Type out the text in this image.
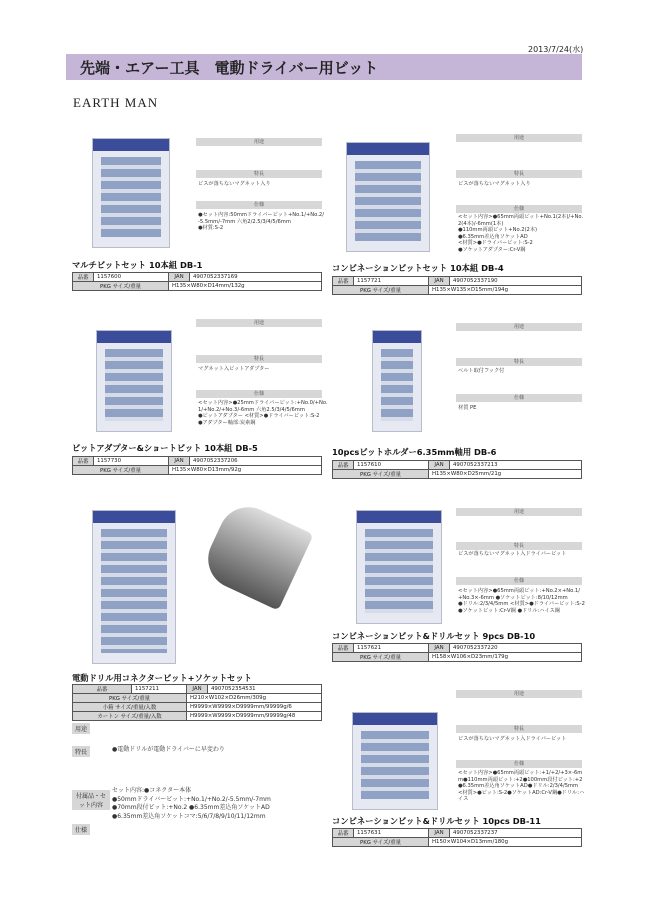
2013/7/24(水)
先端・エアー工具　電動ドライバー用ビット
EARTH MAN
用途
特長
ビスが落ちないマグネット入り
仕様
●セット内容:50mmドライバービット+No.1/+No.2/
-5.5mm/-7mm 六角2/2.5/3/4/5/6mm
●材質:S-2
マルチビットセット 10本組 DB-1
品番	1157600	JAN	4907052337169
PKG サイズ/重量		H135×W80×D14mm/132g	
用途
特長
ビスが落ちないマグネット入り
仕様
<セット内容>●65mm両頭ビット+No.1(2本)/+No.
2(4本)/-6mm(1本)
●110mm両頭ビット+No.2(2本)
●6.35mm差込角ソケットAD
<材質>●ドライバービット:S-2
●ソケットアダプター:Cr-V鋼
コンビネーションビットセット 10本組 DB-4
品番	1157721	JAN	4907052337190
PKG サイズ/重量		H135×W135×D15mm/194g	
用途
特長
マグネット入ビットアダプター
仕様
<セット内容>●25mmドライバービット:+No.0/+No.
1/+No.2/+No.3/-6mm 六角2.5/3/4/5/6mm
●ビットアダプター <材質>●ドライバービット:S-2
●アダプター軸部:炭素鋼
ビットアダプター&ショートビット 10本組 DB-5
品番	1157730	JAN	4907052337206
PKG サイズ/重量		H135×W80×D13mm/92g	
用途
特長
ベルト取付フック付
仕様
材質 PE
10pcsビットホルダー6.35mm軸用 DB-6
品番	1157610	JAN	4907052337213
PKG サイズ/重量		H135×W80×D25mm/21g	
電動ドリル用コネクタービット+ソケットセット
品番	1157211	JAN	4907052354531
PKG サイズ/重量		H210×W102×D26mm/309g	
小箱 サイズ/重量/入数		H9999×W9999×D9999mm/99999g/6	
カートン サイズ/重量/入数		H9999×W9999×D9999mm/99999g/48	
用途
特長	●電動ドリルが電動ドライバーに早変わり
付属品・セット内容
セット内容:●コネクター本体
●50mmドライバービット:+No.1/+No.2/-5.5mm/-7mm
●70mm段付ビット:+No.2 ●6.35mm差込角ソケットAD
●6.35mm差込角ソケットコマ:5/6/7/8/9/10/11/12mm
仕様
用途
特長
ビスが落ちないマグネット入ドライバービット
仕様
<セット内容>●65mm両頭ビット:+No.2×+No.1/
+No.3×-6mm ●ソケットビット:8/10/12mm
●ドリル:2/3/4/5mm <材質>●ドライバービット:S-2
●ソケットビット:Cr-V鋼 ●ドリル:ハイス鋼
コンビネーションビット&ドリルセット 9pcs DB-10
品番	1157621	JAN	4907052337220
PKG サイズ/重量		H158×W106×D23mm/179g	
用途
特長
ビスが落ちないマグネット入ドライバービット
仕様
<セット内容>●65mm両頭ビット:+1/+2/+3×-6m
m●110mm両頭ビット:+2●100mm段付ビット:+2
●6.35mm差込角ソケットAD●ドリル:2/3/4/5mm
<材質>●ビット:S-2●ソケットAD:Cr-V鋼●ドリル:ハ
イス
コンビネーションビット&ドリルセット 10pcs DB-11
品番	1157631	JAN	4907052337237
PKG サイズ/重量		H150×W104×D13mm/180g	
